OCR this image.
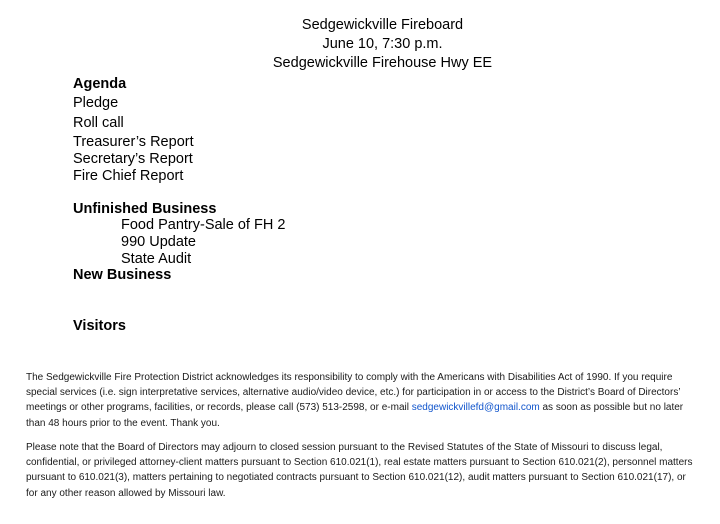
Sedgewickville Fireboard
June 10, 7:30 p.m.
Sedgewickville Firehouse Hwy EE
Agenda
Pledge
Roll call
Treasurer’s Report
Secretary’s Report
Fire Chief Report
Unfinished Business
Food Pantry-Sale of FH 2
990 Update
State Audit
New Business
Visitors

The Sedgewickville Fire Protection District acknowledges its responsibility to comply with the Americans with Disabilities Act of 1990. If you require special services (i.e. sign interpretative services, alternative audio/video device, etc.) for participation in or access to the District’s Board of Directors’ meetings or other programs, facilities, or records, please call (573) 513-2598, or e-mail sedgewickvillefd@gmail.com as soon as possible but no later than 48 hours prior to the event. Thank you.

Please note that the Board of Directors may adjourn to closed session pursuant to the Revised Statutes of the State of Missouri to discuss legal, confidential, or privileged attorney-client matters pursuant to Section 610.021(1), real estate matters pursuant to Section 610.021(2), personnel matters pursuant to 610.021(3), matters pertaining to negotiated contracts pursuant to Section 610.021(12), audit matters pursuant to Section 610.021(17), or for any other reason allowed by Missouri law.
